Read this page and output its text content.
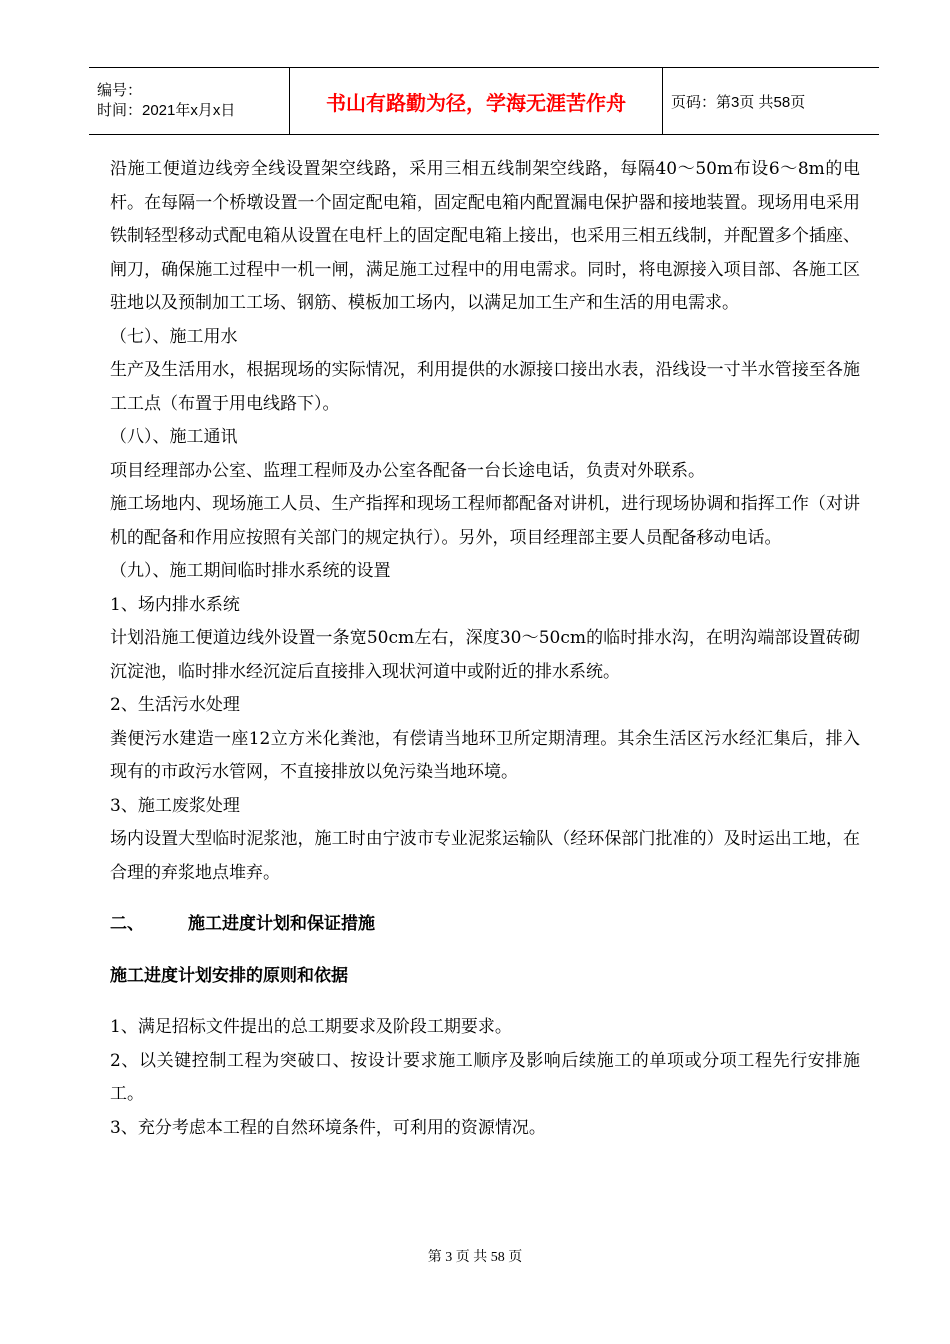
编号：
时间：2021年x月x日	书山有路勤为径，学海无涯苦作舟	页码：第3页 共58页

沿施工便道边线旁全线设置架空线路，采用三相五线制架空线路，每隔40～50m布设6～8m的电杆。在每隔一个桥墩设置一个固定配电箱，固定配电箱内配置漏电保护器和接地装置。现场用电采用铁制轻型移动式配电箱从设置在电杆上的固定配电箱上接出，也采用三相五线制，并配置多个插座、闸刀，确保施工过程中一机一闸，满足施工过程中的用电需求。同时，将电源接入项目部、各施工区驻地以及预制加工工场、钢筋、模板加工场内，以满足加工生产和生活的用电需求。

（七）、施工用水

生产及生活用水，根据现场的实际情况，利用提供的水源接口接出水表，沿线设一寸半水管接至各施工工点（布置于用电线路下）。

（八）、施工通讯

项目经理部办公室、监理工程师及办公室各配备一台长途电话，负责对外联系。

施工场地内、现场施工人员、生产指挥和现场工程师都配备对讲机，进行现场协调和指挥工作（对讲机的配备和作用应按照有关部门的规定执行）。另外，项目经理部主要人员配备移动电话。

（九）、施工期间临时排水系统的设置

1、场内排水系统

计划沿施工便道边线外设置一条宽50cm左右，深度30～50cm的临时排水沟，在明沟端部设置砖砌沉淀池，临时排水经沉淀后直接排入现状河道中或附近的排水系统。

2、生活污水处理

粪便污水建造一座12立方米化粪池，有偿请当地环卫所定期清理。其余生活区污水经汇集后，排入现有的市政污水管网，不直接排放以免污染当地环境。

3、施工废浆处理

场内设置大型临时泥浆池，施工时由宁波市专业泥浆运输队（经环保部门批准的）及时运出工地，在合理的弃浆地点堆弃。

二、	施工进度计划和保证措施

施工进度计划安排的原则和依据

1、满足招标文件提出的总工期要求及阶段工期要求。

2、以关键控制工程为突破口、按设计要求施工顺序及影响后续施工的单项或分项工程先行安排施工。

3、充分考虑本工程的自然环境条件，可利用的资源情况。

第 3 页 共 58 页
